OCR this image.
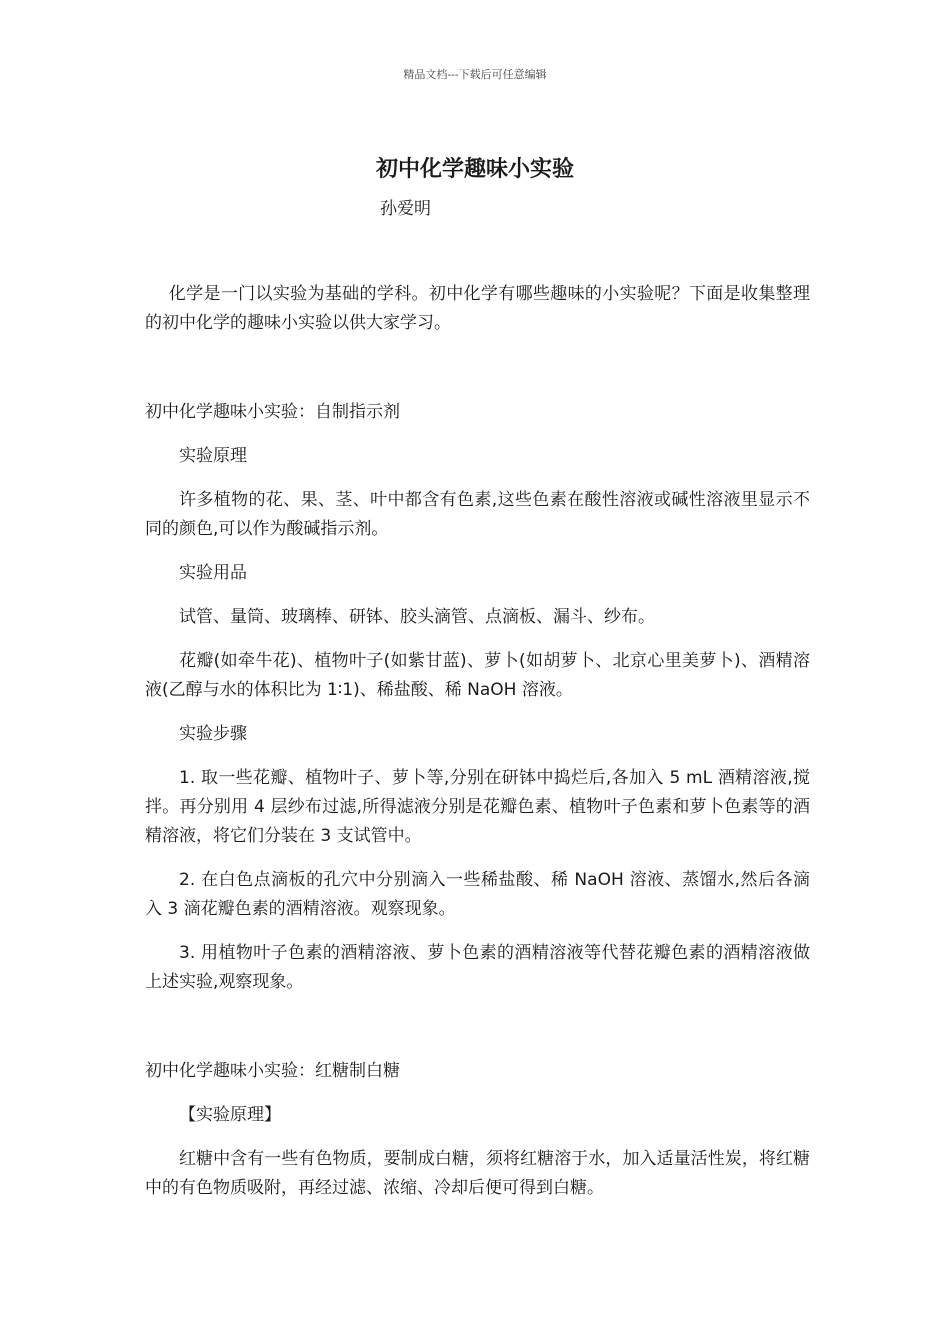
精品文档---下载后可任意编辑
初中化学趣味小实验
孙爱明

化学是一门以实验为基础的学科。初中化学有哪些趣味的小实验呢？下面是收集整理的初中化学的趣味小实验以供大家学习。

初中化学趣味小实验：自制指示剂

实验原理

许多植物的花、果、茎、叶中都含有色素,这些色素在酸性溶液或碱性溶液里显示不同的颜色,可以作为酸碱指示剂。

实验用品

试管、量筒、玻璃棒、研钵、胶头滴管、点滴板、漏斗、纱布。

花瓣(如牵牛花)、植物叶子(如紫甘蓝)、萝卜(如胡萝卜、北京心里美萝卜)、酒精溶液(乙醇与水的体积比为 1∶1)、稀盐酸、稀 NaOH 溶液。

实验步骤

1. 取一些花瓣、植物叶子、萝卜等,分别在研钵中捣烂后,各加入 5 mL 酒精溶液,搅拌。再分别用 4 层纱布过滤,所得滤液分别是花瓣色素、植物叶子色素和萝卜色素等的酒精溶液，将它们分装在 3 支试管中。

2. 在白色点滴板的孔穴中分别滴入一些稀盐酸、稀 NaOH 溶液、蒸馏水,然后各滴入 3 滴花瓣色素的酒精溶液。观察现象。

3. 用植物叶子色素的酒精溶液、萝卜色素的酒精溶液等代替花瓣色素的酒精溶液做上述实验,观察现象。

初中化学趣味小实验：红糖制白糖

【实验原理】

红糖中含有一些有色物质，要制成白糖，须将红糖溶于水，加入适量活性炭，将红糖中的有色物质吸附，再经过滤、浓缩、冷却后便可得到白糖。
